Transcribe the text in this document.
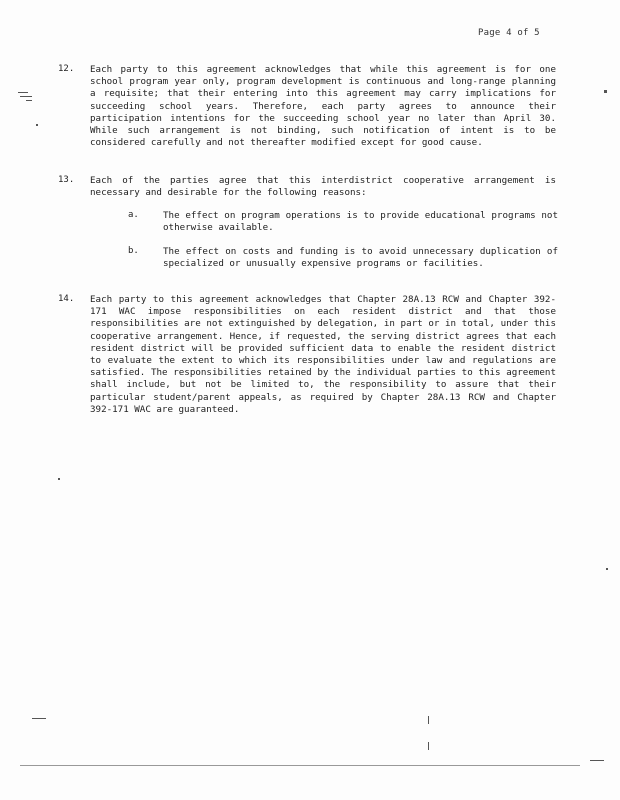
Page 4 of 5
12. Each party to this agreement acknowledges that while this agreement is for one school program year only, program development is continuous and long-range planning a requisite; that their entering into this agreement may carry implications for succeeding school years. Therefore, each party agrees to announce their participation intentions for the succeeding school year no later than April 30. While such arrangement is not binding, such notification of intent is to be considered carefully and not thereafter modified except for good cause.

13. Each of the parties agree that this interdistrict cooperative arrangement is necessary and desirable for the following reasons:

a.	The effect on program operations is to provide educational programs not otherwise available.

b.	The effect on costs and funding is to avoid unnecessary duplication of specialized or unusually expensive programs or facilities.

14. Each party to this agreement acknowledges that Chapter 28A.13 RCW and Chapter 392-171 WAC impose responsibilities on each resident district and that those responsibilities are not extinguished by delegation, in part or in total, under this cooperative arrangement. Hence, if requested, the serving district agrees that each resident district will be provided sufficient data to enable the resident district to evaluate the extent to which its responsibilities under law and regulations are satisfied. The responsibilities retained by the individual parties to this agreement shall include, but not be limited to, the responsibility to assure that their particular student/parent appeals, as required by Chapter 28A.13 RCW and Chapter 392-171 WAC are guaranteed.
